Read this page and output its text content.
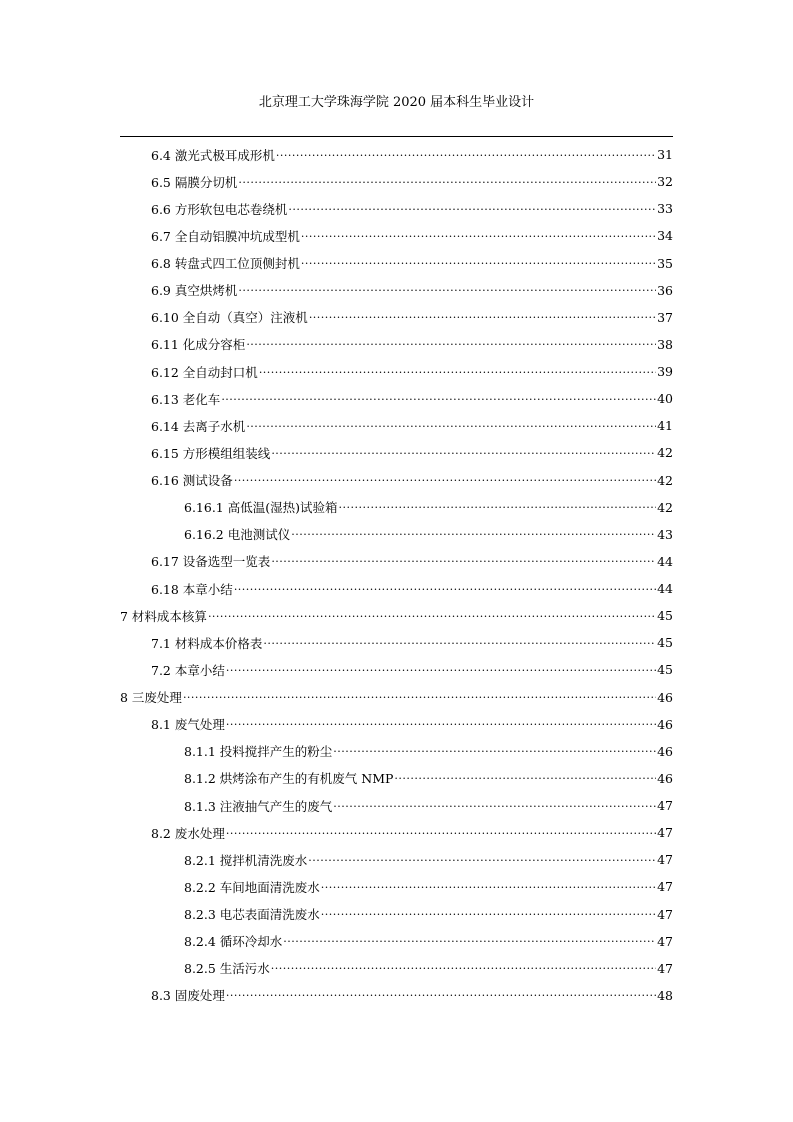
北京理工大学珠海学院 2020 届本科生毕业设计
6.4 激光式极耳成形机 .....	31
6.5 隔膜分切机 .....	32
6.6 方形软包电芯卷绕机 .....	33
6.7 全自动铝膜冲坑成型机 .....	34
6.8 转盘式四工位顶侧封机 .....	35
6.9 真空烘烤机 .....	36
6.10 全自动（真空）注液机 .....	37
6.11 化成分容柜 .....	38
6.12 全自动封口机 .....	39
6.13 老化车 .....	40
6.14 去离子水机 .....	41
6.15 方形模组组装线 .....	42
6.16 测试设备 .....	42
6.16.1 高低温(湿热)试验箱 .....	42
6.16.2 电池测试仪 .....	43
6.17 设备选型一览表 .....	44
6.18 本章小结 .....	44
7 材料成本核算 .....	45
7.1 材料成本价格表 .....	45
7.2 本章小结 .....	45
8 三废处理 .....	46
8.1 废气处理 .....	46
8.1.1 投料搅拌产生的粉尘 .....	46
8.1.2 烘烤涂布产生的有机废气 NMP .....	46
8.1.3 注液抽气产生的废气 .....	47
8.2 废水处理 .....	47
8.2.1 搅拌机清洗废水 .....	47
8.2.2 车间地面清洗废水 .....	47
8.2.3 电芯表面清洗废水 .....	47
8.2.4 循环冷却水 .....	47
8.2.5 生活污水 .....	47
8.3 固废处理 .....	48
